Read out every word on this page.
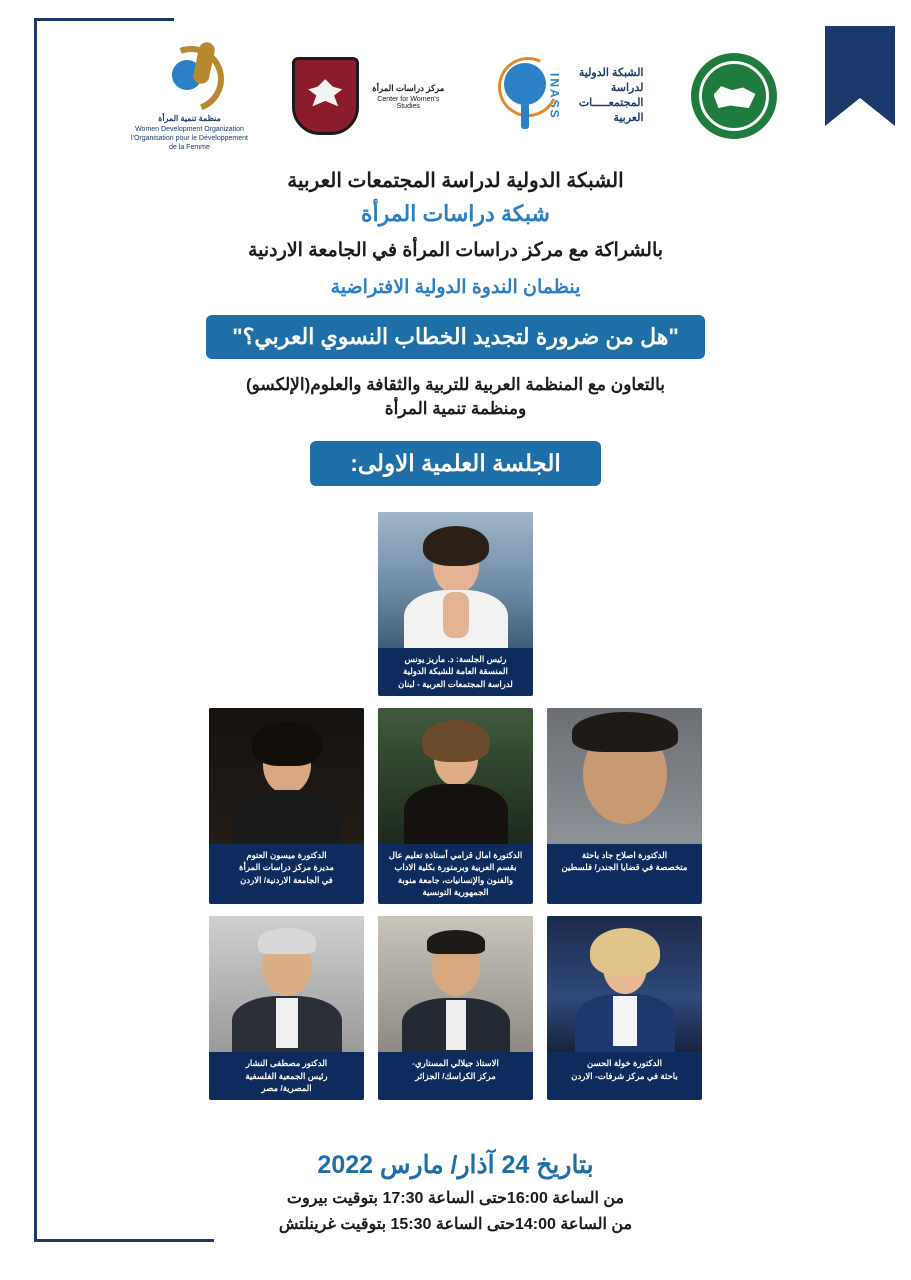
منظمة تنمية المرأة
Women Development Organization
l'Organisation pour le Développement de la Femme
مركز دراسات المرأة
Center for Women's Studies	INASS	الشبكة الدولية لدراسة
المجتمعـــــات العربية
الشبكة الدولية لدراسة المجتمعات العربية
شبكة دراسات المرأة
بالشراكة مع مركز دراسات المرأة في الجامعة الاردنية
ينظمان الندوة الدولية الافتراضية
"هل من ضرورة لتجديد الخطاب النسوي العربي؟"
بالتعاون مع المنظمة العربية للتربية والثقافة والعلوم(الإلكسو)
ومنظمة تنمية المرأة
الجلسة العلمية الاولى:
رئيس الجلسة: د. ماريز يونس
المنسقة العامة للشبكة الدولية
لدراسة المجتمعات العربية - لبنان
الدكتورة ميسون العتوم
مديرة مركز دراسات المرأة
في الجامعة الاردنية/ الاردن
الدكتورة امال قرامي أستاذة تعليم عال
بقسم العربية وبرمتورة بكلية الاداب
والفنون والإنسانيات، جامعة منوبة
الجمهورية التونسية
الدكتورة اصلاح جاد باحثة
متخصصة في قضايا الجندر/ فلسطين
الدكتور مصطفى النشار
رئيس الجمعية الفلسفية
المصرية/ مصر
الاستاذ جيلالي المستاري-
مركز الكراسك/ الجزائر
الدكتورة خولة الحسن
باحثة في مركز شرفات- الاردن
بتاريخ 24 آذار/ مارس 2022
من الساعة 16:00حتى الساعة 17:30 بتوقيت بيروت
من الساعة 14:00حتى الساعة 15:30 بتوقيت غرينلتش
